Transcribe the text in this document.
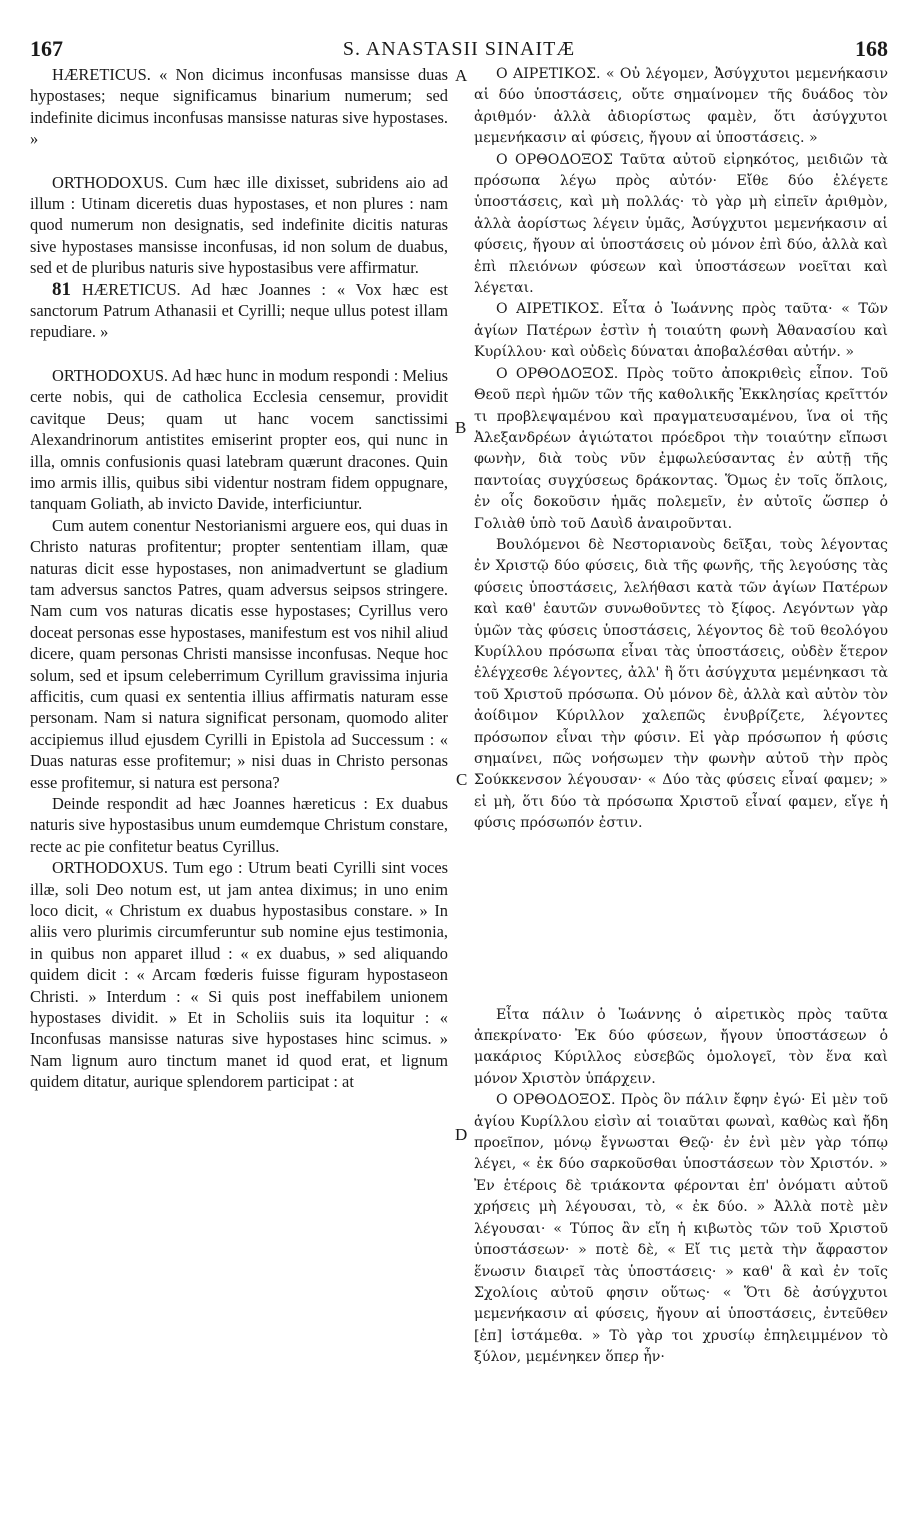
167	S. ANASTASII SINAITÆ	168
A
B
C
D

HÆRETICUS. « Non dicimus inconfusas mansisse duas hypostases; neque significamus binarium numerum; sed indefinite dicimus inconfusas mansisse naturas sive hypostases. »

ORTHODOXUS. Cum hæc ille dixisset, subridens aio ad illum : Utinam diceretis duas hypostases, et non plures : nam quod numerum non designatis, sed indefinite dicitis naturas sive hypostases mansisse inconfusas, id non solum de duabus, sed et de pluribus naturis sive hypostasibus vere affirmatur.

81 HÆRETICUS. Ad hæc Joannes : « Vox hæc est sanctorum Patrum Athanasii et Cyrilli; neque ullus potest illam repudiare. »

ORTHODOXUS. Ad hæc hunc in modum respondi : Melius certe nobis, qui de catholica Ecclesia censemur, providit cavitque Deus; quam ut hanc vocem sanctissimi Alexandrinorum antistites emiserint propter eos, qui nunc in illa, omnis confusionis quasi latebram quærunt dracones. Quin imo armis illis, quibus sibi videntur nostram fidem oppugnare, tanquam Goliath, ab invicto Davide, interficiuntur.

Cum autem conentur Nestorianismi arguere eos, qui duas in Christo naturas profitentur; propter sententiam illam, quæ naturas dicit esse hypostases, non animadvertunt se gladium tam adversus sanctos Patres, quam adversus seipsos stringere. Nam cum vos naturas dicatis esse hypostases; Cyrillus vero doceat personas esse hypostases, manifestum est vos nihil aliud dicere, quam personas Christi mansisse inconfusas. Neque hoc solum, sed et ipsum celeberrimum Cyrillum gravissima injuria afficitis, cum quasi ex sententia illius affirmatis naturam esse personam. Nam si natura significat personam, quomodo aliter accipiemus illud ejusdem Cyrilli in Epistola ad Successum : « Duas naturas esse profitemur; » nisi duas in Christo personas esse profitemur, si natura est persona?

Deinde respondit ad hæc Joannes hæreticus : Ex duabus naturis sive hypostasibus unum eumdemque Christum constare, recte ac pie confitetur beatus Cyrillus.

ORTHODOXUS. Tum ego : Utrum beati Cyrilli sint voces illæ, soli Deo notum est, ut jam antea diximus; in uno enim loco dicit, « Christum ex duabus hypostasibus constare. » In aliis vero plurimis circumferuntur sub nomine ejus testimonia, in quibus non apparet illud : « ex duabus, » sed aliquando quidem dicit : « Arcam fœderis fuisse figuram hypostaseon Christi. » Interdum : « Si quis post ineffabilem unionem hypostases dividit. » Et in Scholiis suis ita loquitur : « Inconfusas mansisse naturas sive hypostases hinc scimus. » Nam lignum auro tinctum manet id quod erat, et lignum quidem ditatur, aurique splendorem participat : at

Ο ΑΙΡΕΤΙΚΟΣ. « Οὐ λέγομεν, Ἀσύγχυτοι μεμενήκασιν αἱ δύο ὑποστάσεις, οὔτε σημαίνομεν τῆς δυάδος τὸν ἀριθμόν· ἀλλὰ ἀδιορίστως φαμὲν, ὅτι ἀσύγχυτοι μεμενήκασιν αἱ φύσεις, ἤγουν αἱ ὑποστάσεις. »

Ο ΟΡΘΟΔΟΞΟΣ Ταῦτα αὐτοῦ εἰρηκότος, μειδιῶν τὰ πρόσωπα λέγω πρὸς αὐτόν· Εἴθε δύο ἐλέγετε ὑποστάσεις, καὶ μὴ πολλάς· τὸ γὰρ μὴ εἰπεῖν ἀριθμὸν, ἀλλὰ ἀορίστως λέγειν ὑμᾶς, Ἀσύγχυτοι μεμενήκασιν αἱ φύσεις, ἤγουν αἱ ὑποστάσεις οὐ μόνον ἐπὶ δύο, ἀλλὰ καὶ ἐπὶ πλειόνων φύσεων καὶ ὑποστάσεων νοεῖται καὶ λέγεται.

Ο ΑΙΡΕΤΙΚΟΣ. Εἶτα ὁ Ἰωάννης πρὸς ταῦτα· « Τῶν ἁγίων Πατέρων ἐστὶν ἡ τοιαύτη φωνὴ Ἀθανασίου καὶ Κυρίλλου· καὶ οὐδεὶς δύναται ἀποβαλέσθαι αὐτήν. »

Ο ΟΡΘΟΔΟΞΟΣ. Πρὸς τοῦτο ἀποκριθεὶς εἶπον. Τοῦ Θεοῦ περὶ ἡμῶν τῶν τῆς καθολικῆς Ἐκκλησίας κρεῖττόν τι προβλεψαμένου καὶ πραγματευσαμένου, ἵνα οἱ τῆς Ἀλεξανδρέων ἁγιώτατοι πρόεδροι τὴν τοιαύτην εἴπωσι φωνὴν, διὰ τοὺς νῦν ἐμφωλεύσαντας ἐν αὐτῇ τῆς παντοίας συγχύσεως δράκοντας. Ὅμως ἐν τοῖς ὅπλοις, ἐν οἷς δοκοῦσιν ἡμᾶς πολεμεῖν, ἐν αὐτοῖς ὥσπερ ὁ Γολιὰθ ὑπὸ τοῦ Δαυὶδ ἀναιροῦνται.

Βουλόμενοι δὲ Νεστοριανοὺς δεῖξαι, τοὺς λέγοντας ἐν Χριστῷ δύο φύσεις, διὰ τῆς φωνῆς, τῆς λεγούσης τὰς φύσεις ὑποστάσεις, λελήθασι κατὰ τῶν ἁγίων Πατέρων καὶ καθ' ἑαυτῶν συνωθοῦντες τὸ ξίφος. Λεγόντων γὰρ ὑμῶν τὰς φύσεις ὑποστάσεις, λέγοντος δὲ τοῦ θεολόγου Κυρίλλου πρόσωπα εἶναι τὰς ὑποστάσεις, οὐδὲν ἕτερον ἐλέγχεσθε λέγοντες, ἀλλ' ἢ ὅτι ἀσύγχυτα μεμένηκασι τὰ τοῦ Χριστοῦ πρόσωπα. Οὐ μόνον δὲ, ἀλλὰ καὶ αὐτὸν τὸν ἀοίδιμον Κύριλλον χαλεπῶς ἐνυβρίζετε, λέγοντες πρόσωπον εἶναι τὴν φύσιν. Εἰ γὰρ πρόσωπον ἡ φύσις σημαίνει, πῶς νοήσωμεν τὴν φωνὴν αὐτοῦ τὴν πρὸς Σούκκενσον λέγουσαν· « Δύο τὰς φύσεις εἶναί φαμεν; » εἰ μὴ, ὅτι δύο τὰ πρόσωπα Χριστοῦ εἶναί φαμεν, εἴγε ἡ φύσις πρόσωπόν ἐστιν.

Εἶτα πάλιν ὁ Ἰωάννης ὁ αἱρετικὸς πρὸς ταῦτα ἀπεκρίνατο· Ἐκ δύο φύσεων, ἤγουν ὑποστάσεων ὁ μακάριος Κύριλλος εὐσεβῶς ὁμολογεῖ, τὸν ἕνα καὶ μόνον Χριστὸν ὑπάρχειν.

Ο ΟΡΘΟΔΟΞΟΣ. Πρὸς ὃν πάλιν ἔφην ἐγώ· Εἰ μὲν τοῦ ἁγίου Κυρίλλου εἰσὶν αἱ τοιαῦται φωναὶ, καθὼς καὶ ἤδη προεῖπον, μόνῳ ἔγνωσται Θεῷ· ἐν ἑνὶ μὲν γὰρ τόπῳ λέγει, « ἐκ δύο σαρκοῦσθαι ὑποστάσεων τὸν Χριστόν. » Ἐν ἑτέροις δὲ τριάκοντα φέρονται ἐπ' ὀνόματι αὐτοῦ χρήσεις μὴ λέγουσαι, τὸ, « ἐκ δύο. » Ἀλλὰ ποτὲ μὲν λέγουσαι· « Τύπος ἂν εἴη ἡ κιβωτὸς τῶν τοῦ Χριστοῦ ὑποστάσεων· » ποτὲ δὲ, « Εἴ τις μετὰ τὴν ἄφραστον ἕνωσιν διαιρεῖ τὰς ὑποστάσεις· » καθ' ἃ καὶ ἐν τοῖς Σχολίοις αὐτοῦ φησιν οὕτως· « Ὅτι δὲ ἀσύγχυτοι μεμενήκασιν αἱ φύσεις, ἤγουν αἱ ὑποστάσεις, ἐντεῦθεν [ἐπ] ἱστάμεθα. » Τὸ γὰρ τοι χρυσίῳ ἐπηλειμμένον τὸ ξύλον, μεμένηκεν ὅπερ ἦν·
